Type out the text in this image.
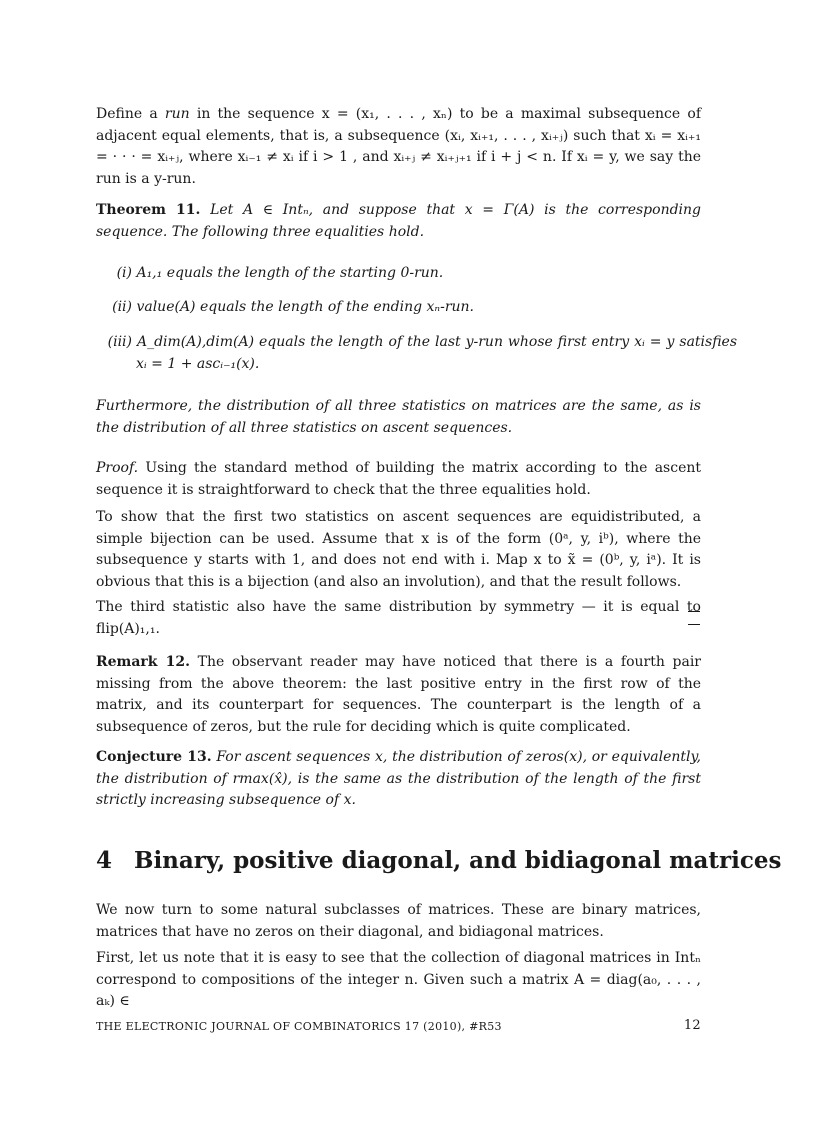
Define a run in the sequence x = (x₁, . . . , xₙ) to be a maximal subsequence of adjacent equal elements, that is, a subsequence (xᵢ, xᵢ₊₁, . . . , xᵢ₊ⱼ) such that xᵢ = xᵢ₊₁ = · · · = xᵢ₊ⱼ, where xᵢ₋₁ ≠ xᵢ if i > 1 , and xᵢ₊ⱼ ≠ xᵢ₊ⱼ₊₁ if i + j < n. If xᵢ = y, we say the run is a y-run.

Theorem 11. Let A ∈ Intₙ, and suppose that x = Γ(A) is the corresponding sequence. The following three equalities hold.

(i) A₁,₁ equals the length of the starting 0-run.
(ii) value(A) equals the length of the ending xₙ-run.
(iii) A_dim(A),dim(A) equals the length of the last y-run whose first entry xᵢ = y satisfies xᵢ = 1 + ascᵢ₋₁(x).

Furthermore, the distribution of all three statistics on matrices are the same, as is the distribution of all three statistics on ascent sequences.

Proof. Using the standard method of building the matrix according to the ascent sequence it is straightforward to check that the three equalities hold.

To show that the first two statistics on ascent sequences are equidistributed, a simple bijection can be used. Assume that x is of the form (0ᵃ, y, iᵇ), where the subsequence y starts with 1, and does not end with i. Map x to x̃ = (0ᵇ, y, iᵃ). It is obvious that this is a bijection (and also an involution), and that the result follows.

The third statistic also have the same distribution by symmetry — it is equal to flip(A)₁,₁.

Remark 12. The observant reader may have noticed that there is a fourth pair missing from the above theorem: the last positive entry in the first row of the matrix, and its counterpart for sequences. The counterpart is the length of a subsequence of zeros, but the rule for deciding which is quite complicated.

Conjecture 13. For ascent sequences x, the distribution of zeros(x), or equivalently, the distribution of rmax(x̂), is the same as the distribution of the length of the first strictly increasing subsequence of x.

4 Binary, positive diagonal, and bidiagonal matrices

We now turn to some natural subclasses of matrices. These are binary matrices, matrices that have no zeros on their diagonal, and bidiagonal matrices.

First, let us note that it is easy to see that the collection of diagonal matrices in Intₙ correspond to compositions of the integer n. Given such a matrix A = diag(a₀, . . . , aₖ) ∈

THE ELECTRONIC JOURNAL OF COMBINATORICS 17 (2010), #R53	12
